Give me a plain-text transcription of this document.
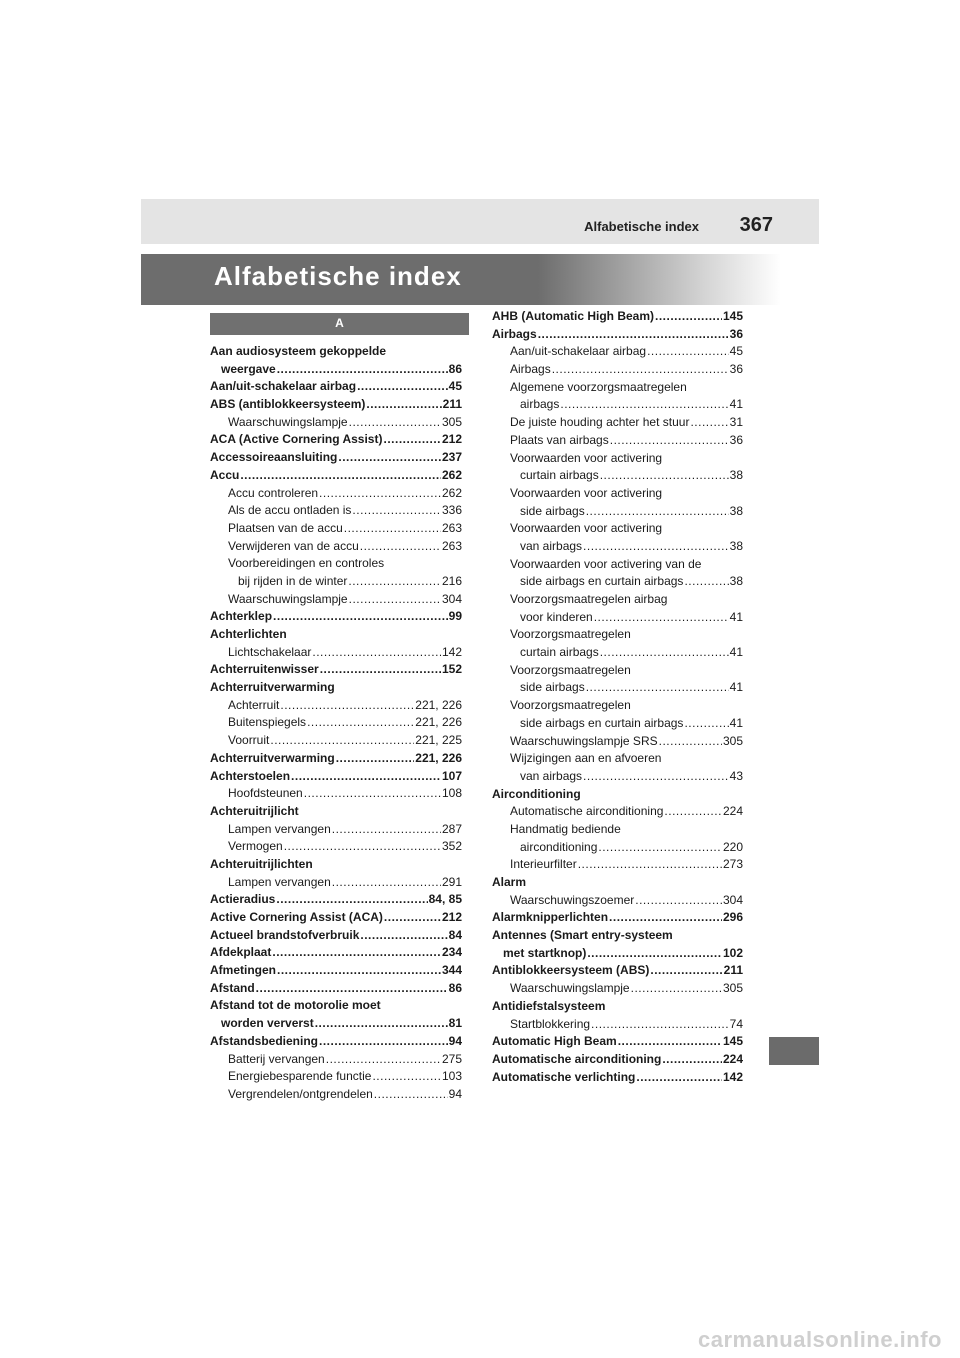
Alfabetische index 367
Alfabetische index
A
Aan audiosysteem gekoppelde
weergave .....	86
Aan/uit-schakelaar airbag .....	45
ABS (antiblokkeersysteem) .....	211
Waarschuwingslampje .....	305
ACA (Active Cornering Assist) .....	212
Accessoireaansluiting .....	237
Accu .....	262
Accu controleren .....	262
Als de accu ontladen is .....	336
Plaatsen van de accu .....	263
Verwijderen van de accu .....	263
Voorbereidingen en controles
bij rijden in de winter .....	216
Waarschuwingslampje .....	304
Achterklep .....	99
Achterlichten
Lichtschakelaar .....	142
Achterruitenwisser .....	152
Achterruitverwarming
Achterruit .....	221, 226
Buitenspiegels .....	221, 226
Voorruit .....	221, 225
Achterruitverwarming .....	221, 226
Achterstoelen .....	107
Hoofdsteunen .....	108
Achteruitrijlicht
Lampen vervangen .....	287
Vermogen .....	352
Achteruitrijlichten
Lampen vervangen .....	291
Actieradius .....	84, 85
Active Cornering Assist (ACA) .....	212
Actueel brandstofverbruik .....	84
Afdekplaat .....	234
Afmetingen .....	344
Afstand .....	86
Afstand tot de motorolie moet
worden ververst .....	81
Afstandsbediening .....	94
Batterij vervangen .....	275
Energiebesparende functie .....	103
Vergrendelen/ontgrendelen .....	94
AHB (Automatic High Beam) .....	145
Airbags .....	36
Aan/uit-schakelaar airbag .....	45
Airbags .....	36
Algemene voorzorgsmaatregelen
airbags .....	41
De juiste houding achter het stuur .....	31
Plaats van airbags .....	36
Voorwaarden voor activering
curtain airbags .....	38
Voorwaarden voor activering
side airbags .....	38
Voorwaarden voor activering
van airbags .....	38
Voorwaarden voor activering van de
side airbags en curtain airbags .....	38
Voorzorgsmaatregelen airbag
voor kinderen .....	41
Voorzorgsmaatregelen
curtain airbags .....	41
Voorzorgsmaatregelen
side airbags .....	41
Voorzorgsmaatregelen
side airbags en curtain airbags .....	41
Waarschuwingslampje SRS .....	305
Wijzigingen aan en afvoeren
van airbags .....	43
Airconditioning
Automatische airconditioning .....	224
Handmatig bediende
airconditioning .....	220
Interieurfilter .....	273
Alarm
Waarschuwingszoemer .....	304
Alarmknipperlichten .....	296
Antennes (Smart entry-systeem
met startknop) .....	102
Antiblokkeersysteem (ABS) .....	211
Waarschuwingslampje .....	305
Antidiefstalsysteem
Startblokkering .....	74
Automatic High Beam .....	145
Automatische airconditioning .....	224
Automatische verlichting .....	142
carmanualsonline.info
